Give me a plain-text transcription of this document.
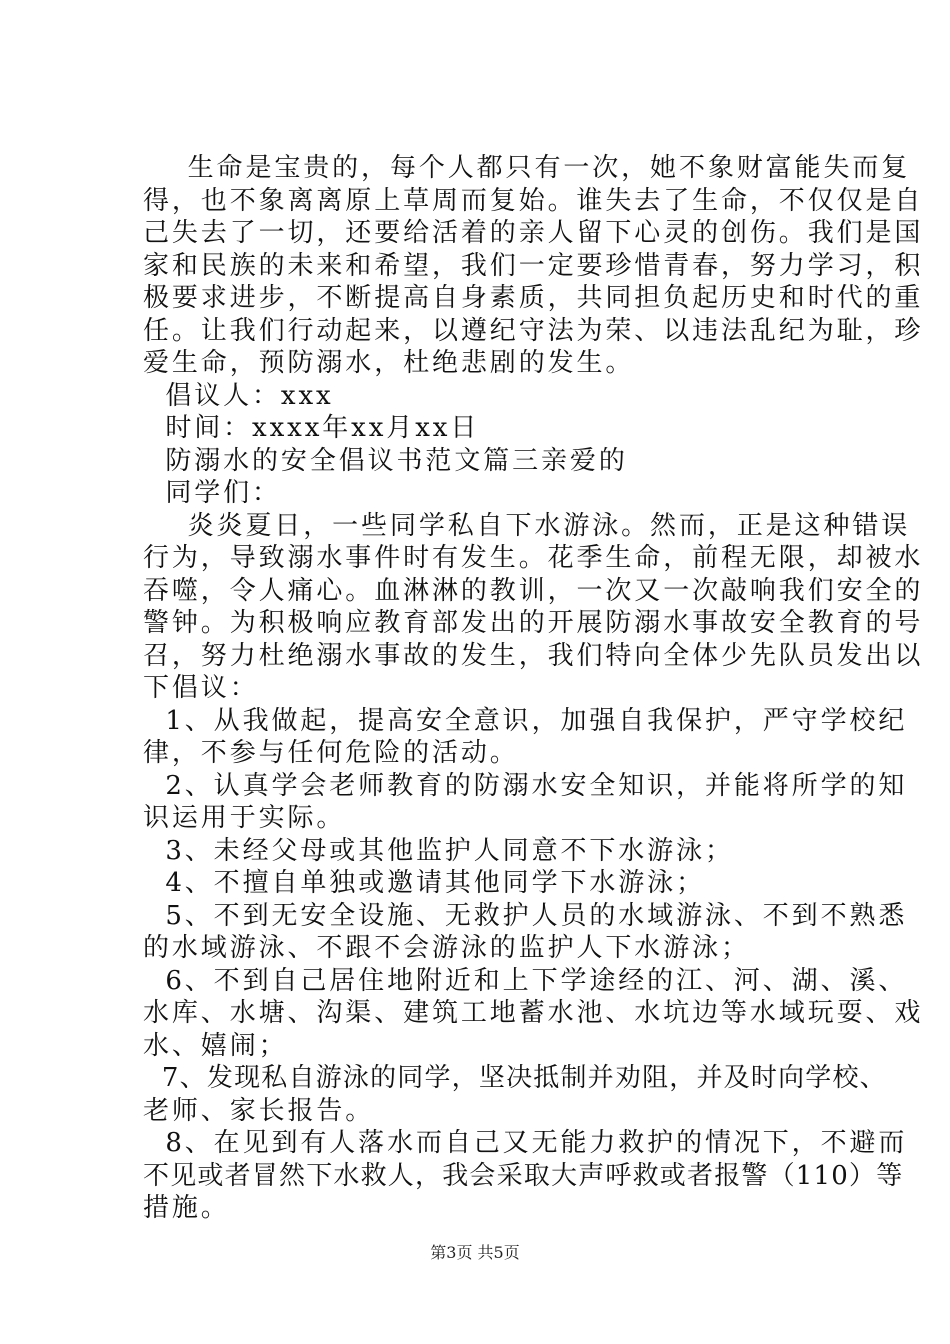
生命是宝贵的，每个人都只有一次，她不象财富能失而复
得，也不象离离原上草周而复始。谁失去了生命，不仅仅是自
己失去了一切，还要给活着的亲人留下心灵的创伤。我们是国
家和民族的未来和希望，我们一定要珍惜青春，努力学习，积
极要求进步，不断提高自身素质，共同担负起历史和时代的重
任。让我们行动起来，以遵纪守法为荣、以违法乱纪为耻，珍
爱生命，预防溺水，杜绝悲剧的发生。
倡议人：xxx
时间：xxxx年xx月xx日
防溺水的安全倡议书范文篇三亲爱的
同学们：
炎炎夏日，一些同学私自下水游泳。然而，正是这种错误
行为，导致溺水事件时有发生。花季生命，前程无限，却被水
吞噬，令人痛心。血淋淋的教训，一次又一次敲响我们安全的
警钟。为积极响应教育部发出的开展防溺水事故安全教育的号
召，努力杜绝溺水事故的发生，我们特向全体少先队员发出以
下倡议：
1、从我做起，提高安全意识，加强自我保护，严守学校纪
律，不参与任何危险的活动。
2、认真学会老师教育的防溺水安全知识，并能将所学的知
识运用于实际。
3、未经父母或其他监护人同意不下水游泳；
4、不擅自单独或邀请其他同学下水游泳；
5、不到无安全设施、无救护人员的水域游泳、不到不熟悉
的水域游泳、不跟不会游泳的监护人下水游泳；
6、不到自己居住地附近和上下学途经的江、河、湖、溪、
水库、水塘、沟渠、建筑工地蓄水池、水坑边等水域玩耍、戏
水、嬉闹；
7、发现私自游泳的同学，坚决抵制并劝阻，并及时向学校、
老师、家长报告。
8、在见到有人落水而自己又无能力救护的情况下，不避而
不见或者冒然下水救人，我会采取大声呼救或者报警（110）等
措施。
第3页 共5页
